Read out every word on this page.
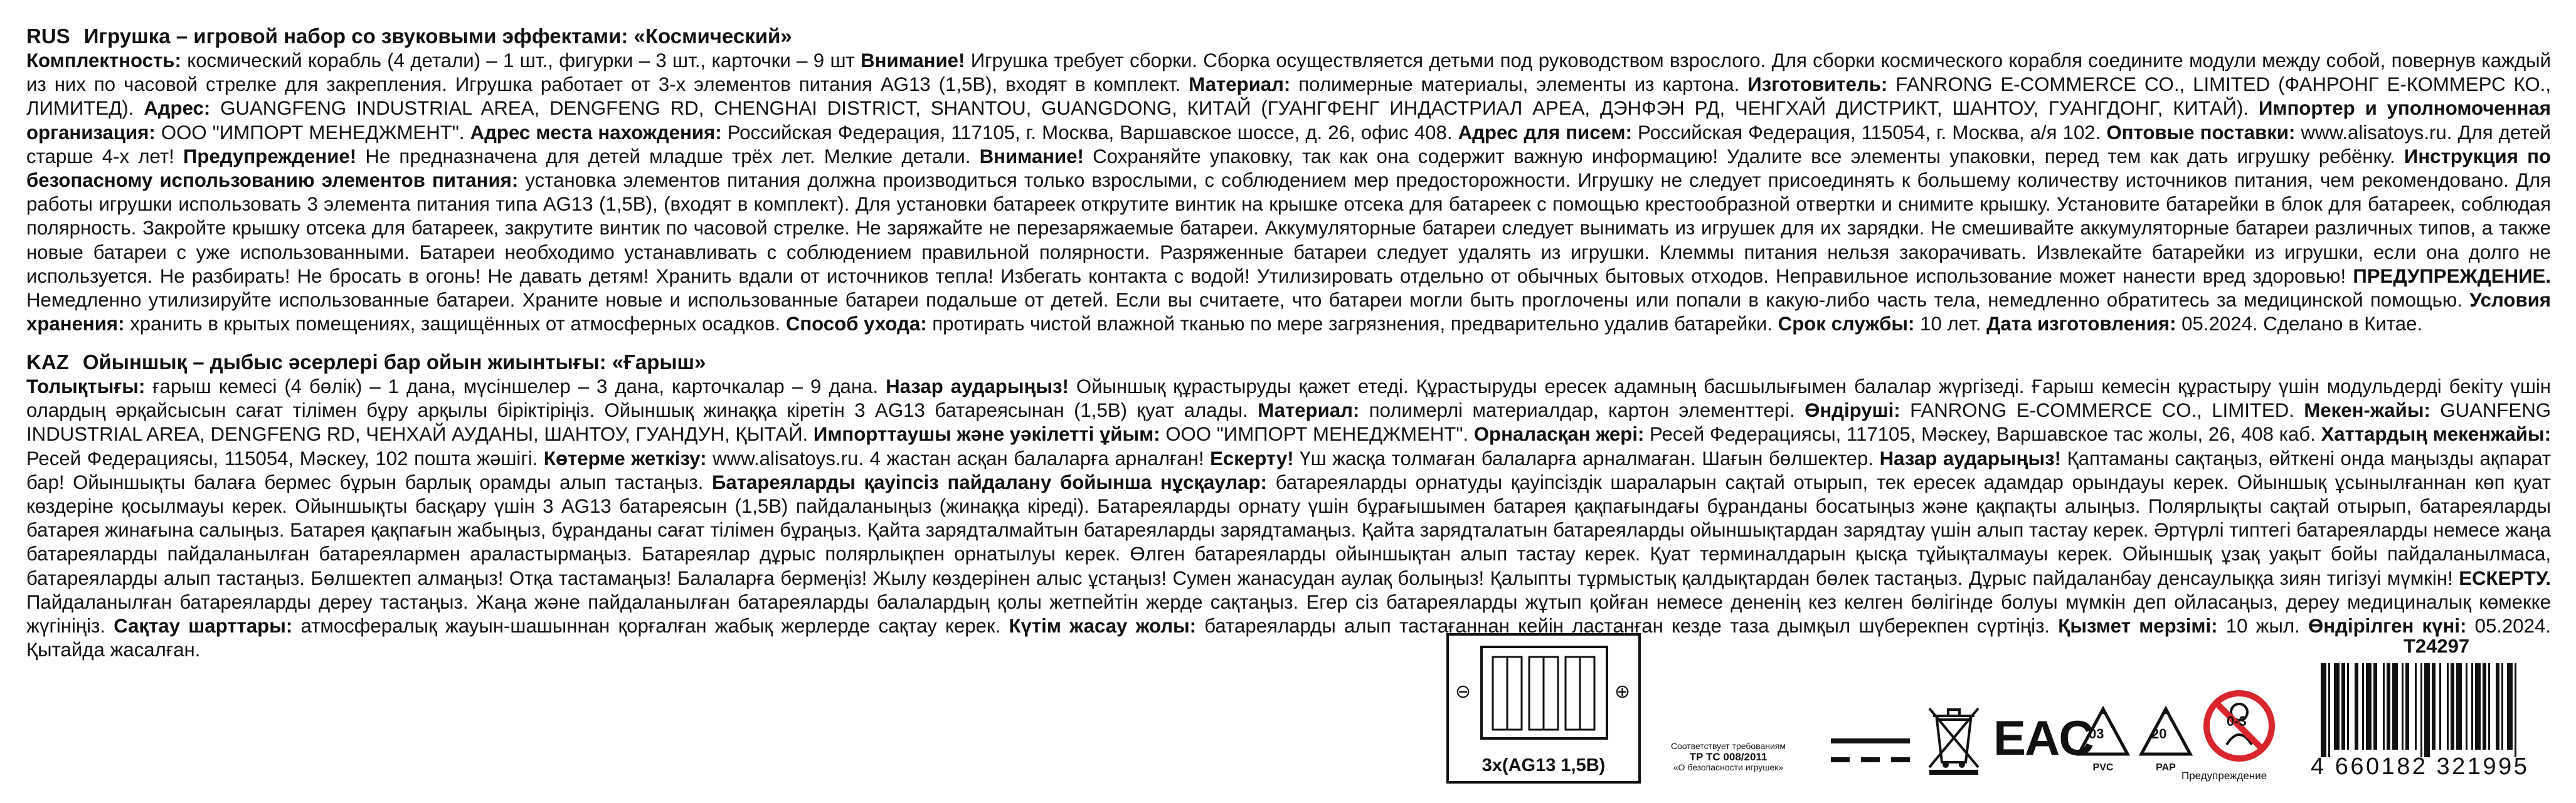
RUS Игрушка – игровой набор со звуковыми эффектами: «Космический»
Комплектность: космический корабль (4 детали) – 1 шт., фигурки – 3 шт., карточки – 9 шт Внимание! Игрушка требует сборки. Сборка осуществляется детьми под руководством взрослого. Для сборки космического корабля соедините модули между собой, повернув каждый из них по часовой стрелке для закрепления. Игрушка работает от 3-х элементов питания AG13 (1,5В), входят в комплект. Материал: полимерные материалы, элементы из картона. Изготовитель: FANRONG E-COMMERCE CO., LIMITED (ФАНРОНГ Е-КОММЕРС КО., ЛИМИТЕД). Адрес: GUANGFENG INDUSTRIAL AREA, DENGFENG RD, CHENGHAI DISTRICT, SHANTOU, GUANGDONG, КИТАЙ (ГУАНГФЕНГ ИНДАСТРИАЛ АРЕА, ДЭНФЭН РД, ЧЕНГХАЙ ДИСТРИКТ, ШАНТОУ, ГУАНГДОНГ, КИТАЙ). Импортер и уполномоченная организация: ООО "ИМПОРТ МЕНЕДЖМЕНТ". Адрес места нахождения: Российская Федерация, 117105, г. Москва, Варшавское шоссе, д. 26, офис 408. Адрес для писем: Российская Федерация, 115054, г. Москва, а/я 102. Оптовые поставки: www.alisatoys.ru. Для детей старше 4-х лет! Предупреждение! Не предназначена для детей младше трёх лет. Мелкие детали. Внимание! Сохраняйте упаковку, так как она содержит важную информацию! Удалите все элементы упаковки, перед тем как дать игрушку ребёнку. Инструкция по безопасному использованию элементов питания: установка элементов питания должна производиться только взрослыми, с соблюдением мер предосторожности. Игрушку не следует присоединять к большему количеству источников питания, чем рекомендовано. Для работы игрушки использовать 3 элемента питания типа AG13 (1,5В), (входят в комплект). Для установки батареек открутите винтик на крышке отсека для батареек с помощью крестообразной отвертки и снимите крышку. Установите батарейки в блок для батареек, соблюдая полярность. Закройте крышку отсека для батареек, закрутите винтик по часовой стрелке. Не заряжайте не перезаряжаемые батареи. Аккумуляторные батареи следует вынимать из игрушек для их зарядки. Не смешивайте аккумуляторные батареи различных типов, а также новые батареи с уже использованными. Батареи необходимо устанавливать с соблюдением правильной полярности. Разряженные батареи следует удалять из игрушки. Клеммы питания нельзя закорачивать. Извлекайте батарейки из игрушки, если она долго не используется. Не разбирать! Не бросать в огонь! Не давать детям! Хранить вдали от источников тепла! Избегать контакта с водой! Утилизировать отдельно от обычных бытовых отходов. Неправильное использование может нанести вред здоровью! ПРЕДУПРЕЖДЕНИЕ. Немедленно утилизируйте использованные батареи. Храните новые и использованные батареи подальше от детей. Если вы считаете, что батареи могли быть проглочены или попали в какую-либо часть тела, немедленно обратитесь за медицинской помощью. Условия хранения: хранить в крытых помещениях, защищённых от атмосферных осадков. Способ ухода: протирать чистой влажной тканью по мере загрязнения, предварительно удалив батарейки. Срок службы: 10 лет. Дата изготовления: 05.2024. Сделано в Китае.
KAZ Ойыншық – дыбыс әсерлері бар ойын жиынтығы: «Ғарыш»
Толықтығы: ғарыш кемесі (4 бөлік) – 1 дана, мүсіншелер – 3 дана, карточкалар – 9 дана. Назар аударыңыз! Ойыншық құрастыруды қажет етеді. Құрастыруды ересек адамның басшылығымен балалар жүргізеді. Ғарыш кемесін құрастыру үшін модульдерді бекіту үшін олардың әрқайсысын сағат тілімен бұру арқылы біріктіріңіз. Ойыншық жинаққа кіретін 3 AG13 батареясынан (1,5В) қуат алады. Материал: полимерлі материалдар, картон элементтері. Өндіруші: FANRONG E-COMMERCE CO., LIMITED. Мекен-жайы: GUANFENG INDUSTRIAL AREA, DENGFENG RD, ЧЕНХАЙ АУДАНЫ, ШАНТОУ, ГУАНДУН, ҚЫТАЙ. Импорттаушы және уәкілетті ұйым: ООО "ИМПОРТ МЕНЕДЖМЕНТ". Орналасқан жері: Ресей Федерациясы, 117105, Мәскеу, Варшавское тас жолы, 26, 408 каб. Хаттардың мекенжайы: Ресей Федерациясы, 115054, Мәскеу, 102 пошта жәшігі. Көтерме жеткізу: www.alisatoys.ru. 4 жастан асқан балаларға арналған! Ескерту! Үш жасқа толмаған балаларға арналмаған. Шағын бөлшектер. Назар аударыңыз! Қаптаманы сақтаңыз, өйткені онда маңызды ақпарат бар! Ойыншықты балаға бермес бұрын барлық орамды алып тастаңыз. Батареяларды қауіпсіз пайдалану бойынша нұсқаулар: батареяларды орнатуды қауіпсіздік шараларын сақтай отырып, тек ересек адамдар орындауы керек. Ойыншық ұсынылғаннан көп қуат көздеріне қосылмауы керек. Ойыншықты басқару үшін 3 AG13 батареясын (1,5В) пайдаланыңыз (жинаққа кіреді). Батареяларды орнату үшін бұрағышымен батарея қақпағындағы бұранданы босатыңыз және қақпақты алыңыз. Полярлықты сақтай отырып, батареяларды батарея жинағына салыңыз. Батарея қақпағын жабыңыз, бұранданы сағат тілімен бұраңыз. Қайта зарядталмайтын батареяларды зарядтамаңыз. Қайта зарядталатын батареяларды ойыншықтардан зарядтау үшін алып тастау керек. Әртүрлі типтегі батареяларды немесе жаңа батареяларды пайдаланылған батареялармен араластырмаңыз. Батареялар дұрыс полярлықпен орнатылуы керек. Өлген батареяларды ойыншықтан алып тастау керек. Қуат терминалдарын қысқа тұйықталмауы керек. Ойыншық ұзақ уақыт бойы пайдаланылмаса, батареяларды алып тастаңыз. Бөлшектеп алмаңыз! Отқа тастамаңыз! Балаларға бермеңіз! Жылу көздерінен алыс ұстаңыз! Сумен жанасудан аулақ болыңыз! Қалыпты тұрмыстық қалдықтардан бөлек тастаңыз. Дұрыс пайдаланбау денсаулыққа зиян тигізуі мүмкін! ЕСКЕРТУ. Пайдаланылған батареяларды дереу тастаңыз. Жаңа және пайдаланылған батареяларды балалардың қолы жетпейтін жерде сақтаңыз. Егер сіз батареяларды жұтып қойған немесе дененің кез келген бөлігінде болуы мүмкін деп ойласаңыз, дереу медициналық көмекке жүгініңіз. Сақтау шарттары: атмосфералық жауын-шашыннан қорғалған жабық жерлерде сақтау керек. Күтім жасау жолы: батареяларды алып тастағаннан кейін ластанған кезде таза дымқыл шүберекпен сүртіңіз. Қызмет мерзімі: 10 жыл. Өндірілген күні: 05.2024. Қытайда жасалған.
⊖	⊕
3x(AG13 1,5B)
Соответствует требованиям
ТР ТС 008/2011
«О безопасности игрушек»
EAC
03
PVC
20
PAP
0-3
Предупреждение
T24297
4 660182 321995
